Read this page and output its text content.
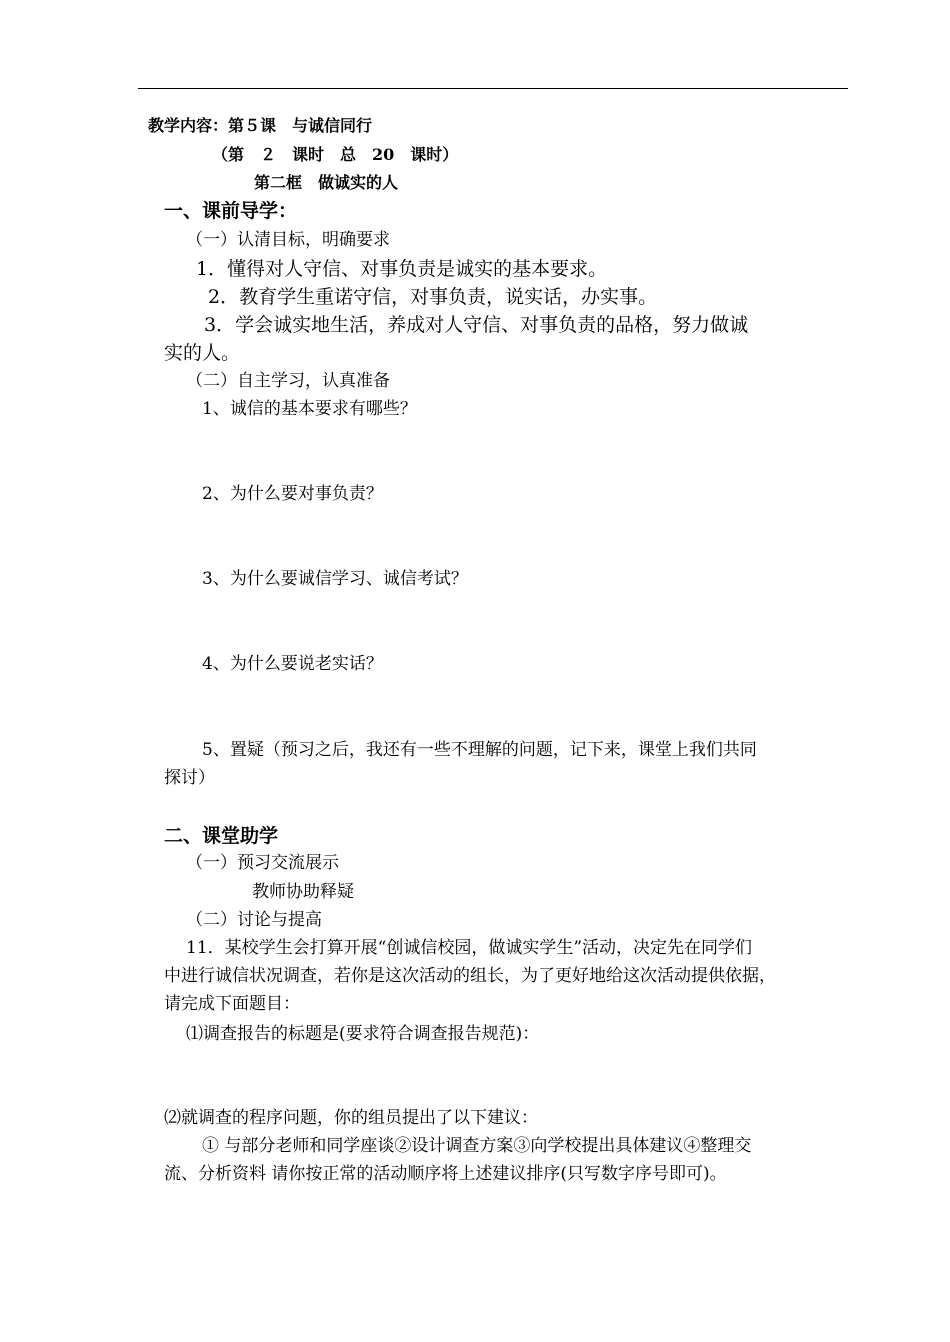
教学内容：第５课　与诚信同行
（第　２　课时　总　20　课时）
第二框　做诚实的人
一、课前导学：
（一）认清目标，明确要求
1．懂得对人守信、对事负责是诚实的基本要求。
2．教育学生重诺守信，对事负责，说实话，办实事。
3．学会诚实地生活，养成对人守信、对事负责的品格，努力做诚
实的人。
（二）自主学习，认真准备
1、诚信的基本要求有哪些？
2、为什么要对事负责？
3、为什么要诚信学习、诚信考试？
4、为什么要说老实话？
5、置疑（预习之后，我还有一些不理解的问题，记下来，课堂上我们共同
探讨）
二、课堂助学
（一）预习交流展示
教师协助释疑
（二）讨论与提高
11．某校学生会打算开展“创诚信校园，做诚实学生”活动，决定先在同学们
中进行诚信状况调查，若你是这次活动的组长，为了更好地给这次活动提供依据，
请完成下面题目：
⑴调查报告的标题是(要求符合调查报告规范)：
⑵就调查的程序问题，你的组员提出了以下建议：
① 与部分老师和同学座谈②设计调查方案③向学校提出具体建议④整理交
流、分析资料 请你按正常的活动顺序将上述建议排序(只写数字序号即可)。
